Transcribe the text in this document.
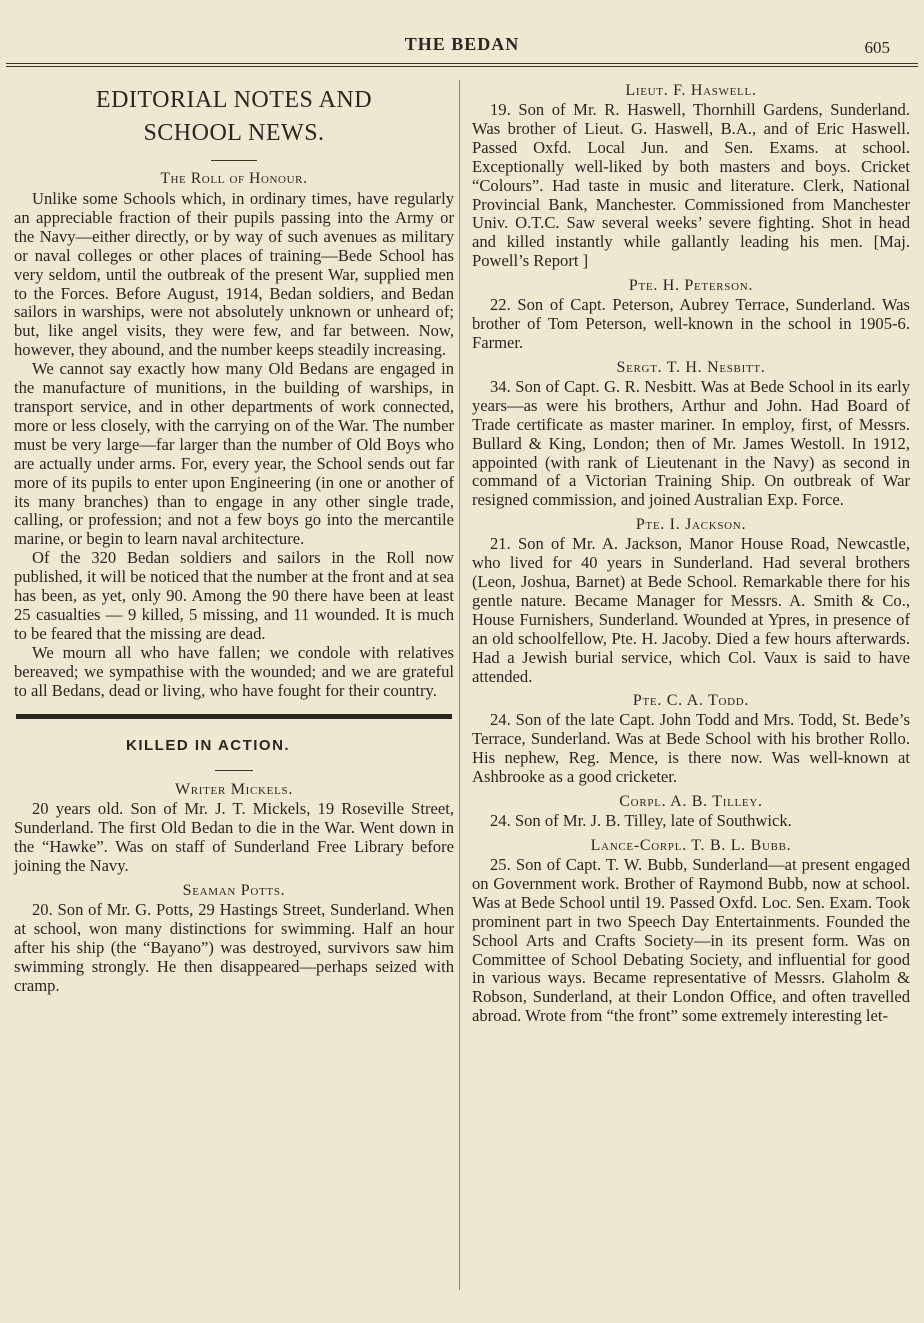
THE BEDAN	605
EDITORIAL NOTES AND
SCHOOL NEWS.
The Roll of Honour.

Unlike some Schools which, in ordinary times, have regularly an appreciable fraction of their pupils passing into the Army or the Navy—either directly, or by way of such avenues as military or naval colleges or other places of training—Bede School has very seldom, until the outbreak of the present War, supplied men to the Forces. Before August, 1914, Bedan soldiers, and Bedan sailors in warships, were not absolutely unknown or unheard of; but, like angel visits, they were few, and far between. Now, however, they abound, and the number keeps steadily increasing.

We cannot say exactly how many Old Bedans are engaged in the manufacture of munitions, in the building of warships, in transport service, and in other departments of work connected, more or less closely, with the carrying on of the War. The number must be very large—far larger than the number of Old Boys who are actually under arms. For, every year, the School sends out far more of its pupils to enter upon Engineering (in one or another of its many branches) than to engage in any other single trade, calling, or profession; and not a few boys go into the mercantile marine, or begin to learn naval architecture.

Of the 320 Bedan soldiers and sailors in the Roll now published, it will be noticed that the number at the front and at sea has been, as yet, only 90. Among the 90 there have been at least 25 casualties — 9 killed, 5 missing, and 11 wounded. It is much to be feared that the missing are dead.

We mourn all who have fallen; we condole with relatives bereaved; we sympathise with the wounded; and we are grateful to all Bedans, dead or living, who have fought for their country.

KILLED IN ACTION.
Writer Mickels.

20 years old. Son of Mr. J. T. Mickels, 19 Roseville Street, Sunderland. The first Old Bedan to die in the War. Went down in the “Hawke”. Was on staff of Sunderland Free Library before joining the Navy.

Seaman Potts.

20. Son of Mr. G. Potts, 29 Hastings Street, Sunderland. When at school, won many distinctions for swimming. Half an hour after his ship (the “Bayano”) was destroyed, survivors saw him swimming strongly. He then disappeared—perhaps seized with cramp.

Lieut. F. Haswell.

19. Son of Mr. R. Haswell, Thornhill Gardens, Sunderland. Was brother of Lieut. G. Haswell, B.A., and of Eric Haswell. Passed Oxfd. Local Jun. and Sen. Exams. at school. Exceptionally well-liked by both masters and boys. Cricket “Colours”. Had taste in music and literature. Clerk, National Provincial Bank, Manchester. Commissioned from Manchester Univ. O.T.C. Saw several weeks’ severe fighting. Shot in head and killed instantly while gallantly leading his men. [Maj. Powell’s Report ]

Pte. H. Peterson.

22. Son of Capt. Peterson, Aubrey Terrace, Sunderland. Was brother of Tom Peterson, well-known in the school in 1905-6. Farmer.

Sergt. T. H. Nesbitt.

34. Son of Capt. G. R. Nesbitt. Was at Bede School in its early years—as were his brothers, Arthur and John. Had Board of Trade certificate as master mariner. In employ, first, of Messrs. Bullard & King, London; then of Mr. James Westoll. In 1912, appointed (with rank of Lieutenant in the Navy) as second in command of a Victorian Training Ship. On outbreak of War resigned commission, and joined Australian Exp. Force.

Pte. I. Jackson.

21. Son of Mr. A. Jackson, Manor House Road, Newcastle, who lived for 40 years in Sunderland. Had several brothers (Leon, Joshua, Barnet) at Bede School. Remarkable there for his gentle nature. Became Manager for Messrs. A. Smith & Co., House Furnishers, Sunderland. Wounded at Ypres, in presence of an old schoolfellow, Pte. H. Jacoby. Died a few hours afterwards. Had a Jewish burial service, which Col. Vaux is said to have attended.

Pte. C. A. Todd.

24. Son of the late Capt. John Todd and Mrs. Todd, St. Bede’s Terrace, Sunderland. Was at Bede School with his brother Rollo. His nephew, Reg. Mence, is there now. Was well-known at Ashbrooke as a good cricketer.

Corpl. A. B. Tilley.

24. Son of Mr. J. B. Tilley, late of Southwick.

Lance-Corpl. T. B. L. Bubb.

25. Son of Capt. T. W. Bubb, Sunderland—at present engaged on Government work. Brother of Raymond Bubb, now at school. Was at Bede School until 19. Passed Oxfd. Loc. Sen. Exam. Took prominent part in two Speech Day Entertainments. Founded the School Arts and Crafts Society—in its present form. Was on Committee of School Debating Society, and influential for good in various ways. Became representative of Messrs. Glaholm & Robson, Sunderland, at their London Office, and often travelled abroad. Wrote from “the front” some extremely interesting let-
